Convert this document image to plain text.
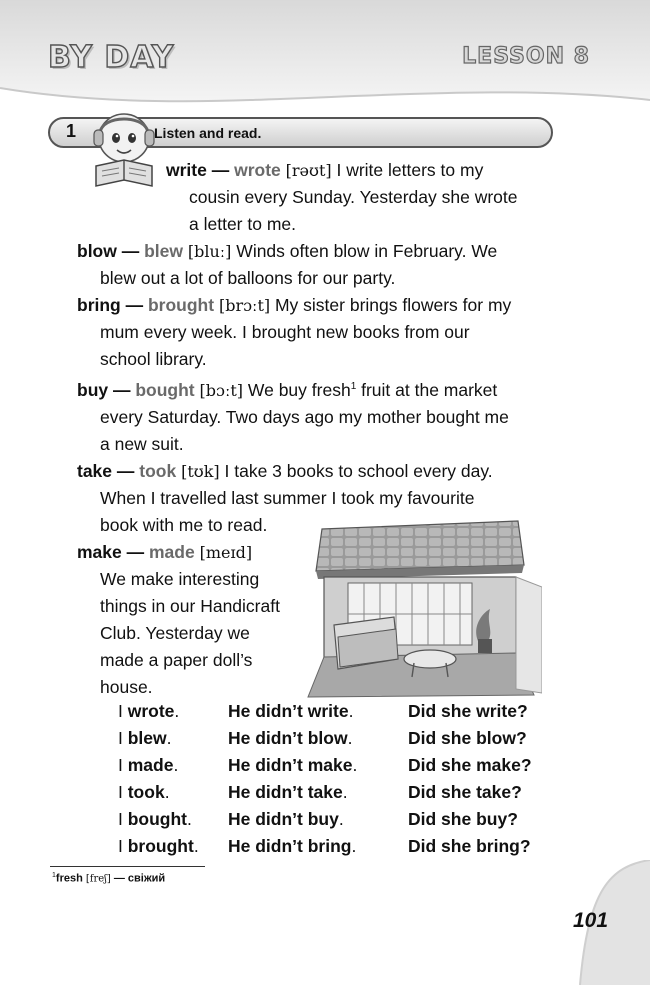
BY DAY	LESSON 8
1	Listen and read.
write — wrote [rəʊt] I write letters to my
cousin every Sunday. Yesterday she wrote
a letter to me.
blow — blew [bluː] Winds often blow in February. We
blew out a lot of balloons for our party.
bring — brought [brɔːt] My sister brings flowers for my
mum every week. I brought new books from our
school library.
buy — bought [bɔːt] We buy fresh$^1$ fruit at the market
every Saturday. Two days ago my mother bought me
a new suit.
take — took [tʊk] I take 3 books to school every day.
When I travelled last summer I took my favourite
book with me to read.
make — made [meɪd]
We make interesting
things in our Handicraft
Club. Yesterday we
made a paper doll’s
house.
I wrote.	He didn’t write.	Did she write?
I blew.	He didn’t blow.	Did she blow?
I made.	He didn’t make.	Did she make?
I took.	He didn’t take.	Did she take?
I bought. He didn’t buy.	Did she buy?
I brought. He didn’t bring.	Did she bring?
$^1$fresh [freʃ] — свіжий
101
